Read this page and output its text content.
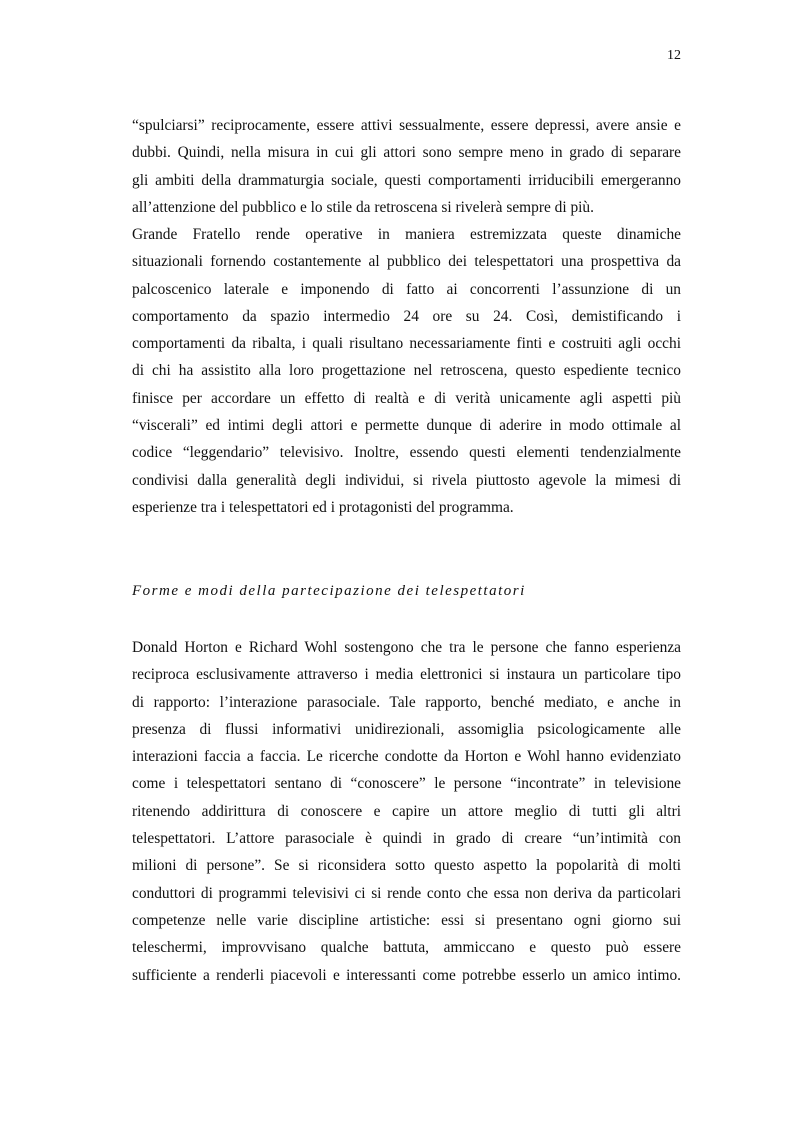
12
“spulciarsi” reciprocamente, essere attivi sessualmente, essere depressi, avere ansie e
dubbi. Quindi, nella misura in cui gli attori sono sempre meno in grado di separare
gli ambiti della drammaturgia sociale, questi comportamenti irriducibili emergeranno
all’attenzione del pubblico e lo stile da retroscena si rivelerà sempre di più.
Grande Fratello rende operative in maniera estremizzata queste dinamiche
situazionali fornendo costantemente al pubblico dei telespettatori una prospettiva da
palcoscenico laterale e imponendo di fatto ai concorrenti l’assunzione di un
comportamento da spazio intermedio 24 ore su 24. Così, demistificando i
comportamenti da ribalta, i quali risultano necessariamente finti e costruiti agli occhi
di chi ha assistito alla loro progettazione nel retroscena, questo espediente tecnico
finisce per accordare un effetto di realtà e di verità unicamente agli aspetti più
“viscerali” ed intimi degli attori e permette dunque di aderire in modo ottimale al
codice “leggendario” televisivo. Inoltre, essendo questi elementi tendenzialmente
condivisi dalla generalità degli individui, si rivela piuttosto agevole la mimesi di
esperienze tra i telespettatori ed i protagonisti del programma.
Forme e modi della partecipazione dei telespettatori
Donald Horton e Richard Wohl sostengono che tra le persone che fanno esperienza
reciproca esclusivamente attraverso i media elettronici si instaura un particolare tipo
di rapporto: l’interazione parasociale. Tale rapporto, benché mediato, e anche in
presenza di flussi informativi unidirezionali, assomiglia psicologicamente alle
interazioni faccia a faccia. Le ricerche condotte da Horton e Wohl hanno evidenziato
come i telespettatori sentano di “conoscere” le persone “incontrate” in televisione
ritenendo addirittura di conoscere e capire un attore meglio di tutti gli altri
telespettatori. L’attore parasociale è quindi in grado di creare “un’intimità con
milioni di persone”. Se si riconsidera sotto questo aspetto la popolarità di molti
conduttori di programmi televisivi ci si rende conto che essa non deriva da particolari
competenze nelle varie discipline artistiche: essi si presentano ogni giorno sui
teleschermi, improvvisano qualche battuta, ammiccano e questo può essere
sufficiente a renderli piacevoli e interessanti come potrebbe esserlo un amico intimo.
